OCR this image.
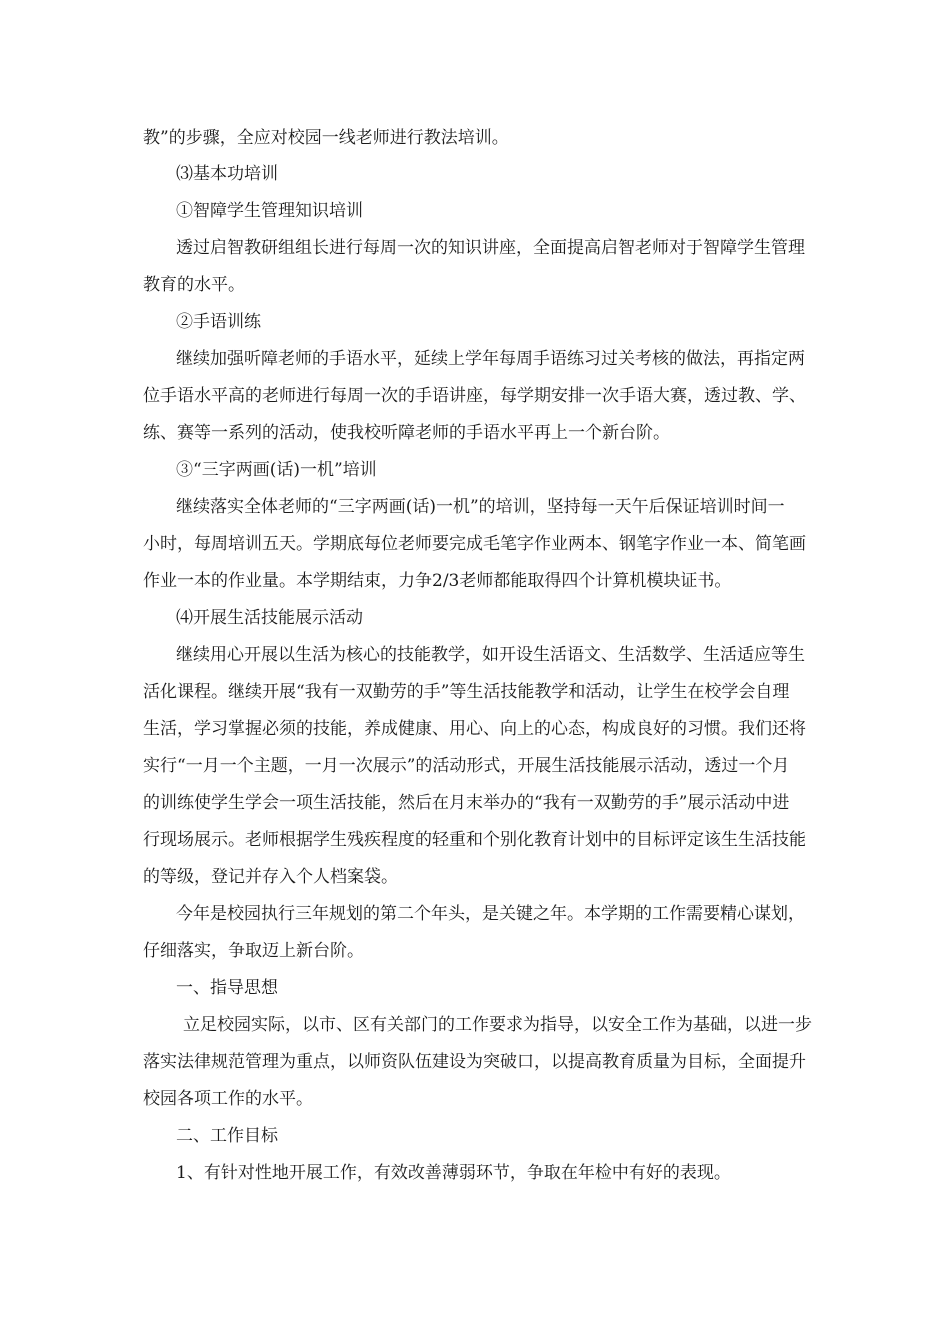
教”的步骤，全应对校园一线老师进行教法培训。
⑶基本功培训
①智障学生管理知识培训
透过启智教研组组长进行每周一次的知识讲座，全面提高启智老师对于智障学生管理
教育的水平。
②手语训练
继续加强听障老师的手语水平，延续上学年每周手语练习过关考核的做法，再指定两
位手语水平高的老师进行每周一次的手语讲座，每学期安排一次手语大赛，透过教、学、
练、赛等一系列的活动，使我校听障老师的手语水平再上一个新台阶。
③“三字两画(话)一机”培训
继续落实全体老师的“三字两画(话)一机”的培训，坚持每一天午后保证培训时间一
小时，每周培训五天。学期底每位老师要完成毛笔字作业两本、钢笔字作业一本、简笔画
作业一本的作业量。本学期结束，力争2/3老师都能取得四个计算机模块证书。
⑷开展生活技能展示活动
继续用心开展以生活为核心的技能教学，如开设生活语文、生活数学、生活适应等生
活化课程。继续开展“我有一双勤劳的手”等生活技能教学和活动，让学生在校学会自理
生活，学习掌握必须的技能，养成健康、用心、向上的心态，构成良好的习惯。我们还将
实行“一月一个主题，一月一次展示”的活动形式，开展生活技能展示活动，透过一个月
的训练使学生学会一项生活技能，然后在月末举办的“我有一双勤劳的手”展示活动中进
行现场展示。老师根据学生残疾程度的轻重和个别化教育计划中的目标评定该生生活技能
的等级，登记并存入个人档案袋。
今年是校园执行三年规划的第二个年头，是关键之年。本学期的工作需要精心谋划，
仔细落实，争取迈上新台阶。
一、指导思想
立足校园实际，以市、区有关部门的工作要求为指导，以安全工作为基础，以进一步
落实法律规范管理为重点，以师资队伍建设为突破口，以提高教育质量为目标，全面提升
校园各项工作的水平。
二、工作目标
1、有针对性地开展工作，有效改善薄弱环节，争取在年检中有好的表现。
